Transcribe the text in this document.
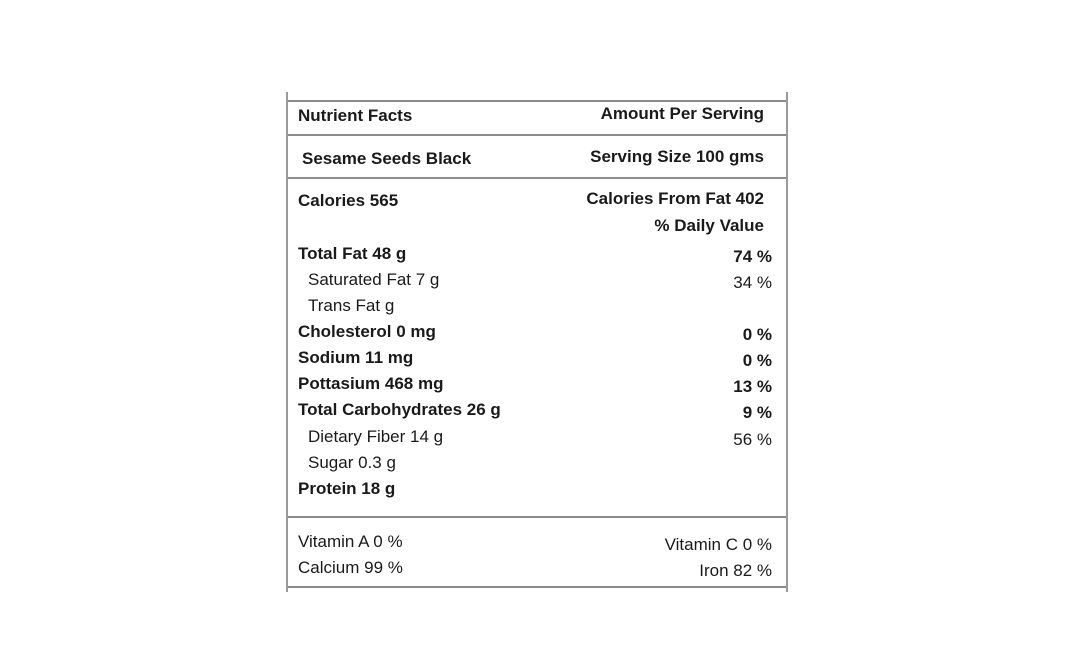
Nutrient Facts	Amount Per Serving
Sesame Seeds Black	Serving Size 100 gms
Calories 565	Calories From Fat 402
% Daily Value
Total Fat 48 g	74 %
Saturated Fat 7 g	34 %
Trans Fat g
Cholesterol 0 mg	0 %
Sodium 11 mg	0 %
Pottasium 468 mg	13 %
Total Carbohydrates 26 g	9 %
Dietary Fiber 14 g	56 %
Sugar 0.3 g
Protein 18 g
Vitamin A 0 %	Vitamin C 0 %
Calcium 99 %	Iron 82 %
